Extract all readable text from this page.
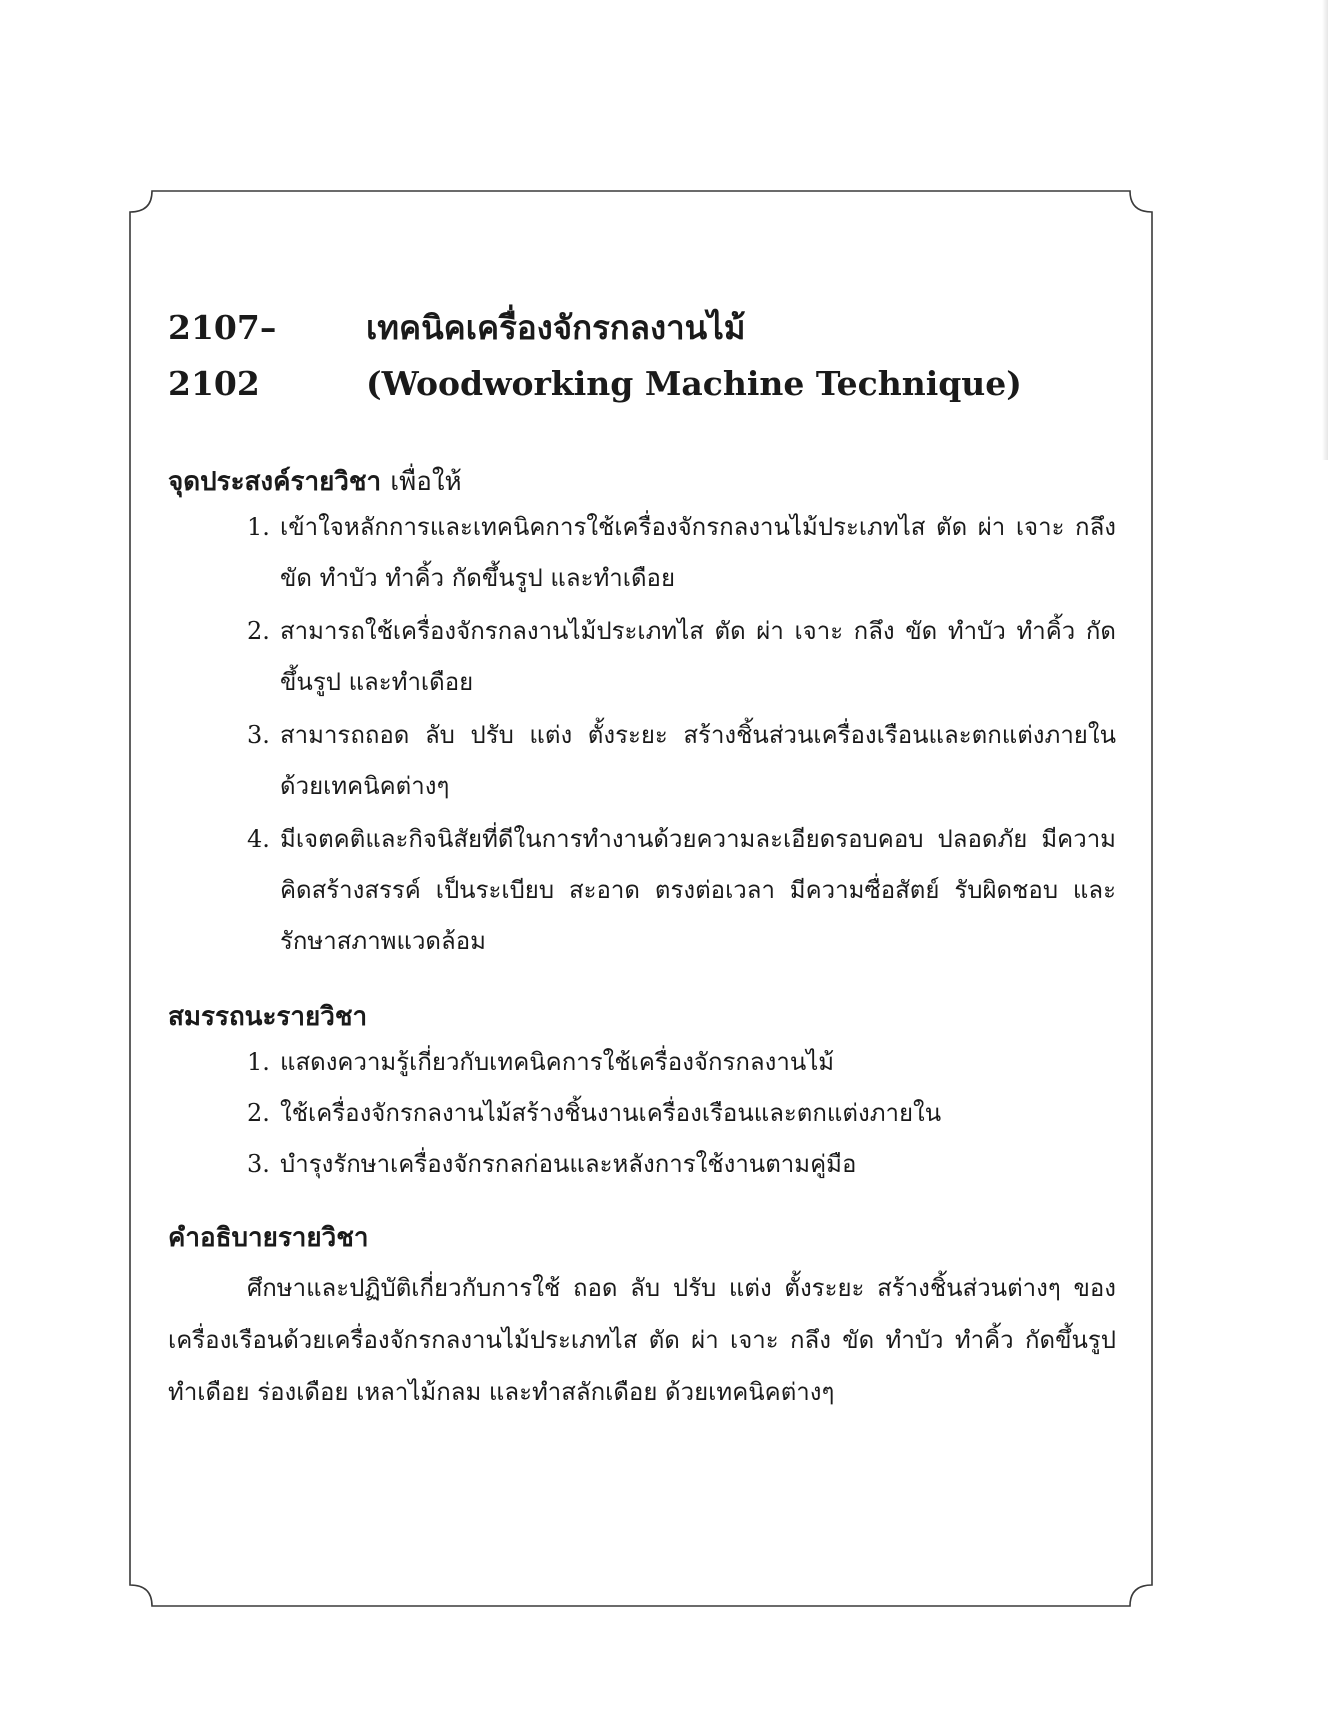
2107–2102
เทคนิคเครื่องจักรกลงานไม้
(Woodworking Machine Technique)
จุดประสงค์รายวิชา เพื่อให้
1. เข้าใจหลักการและเทคนิคการใช้เครื่องจักรกลงานไม้ประเภทไส ตัด ผ่า เจาะ กลึง ขัด ทำบัว ทำคิ้ว กัดขึ้นรูป และทำเดือย
2. สามารถใช้เครื่องจักรกลงานไม้ประเภทไส ตัด ผ่า เจาะ กลึง ขัด ทำบัว ทำคิ้ว กัดขึ้นรูป และทำเดือย
3. สามารถถอด ลับ ปรับ แต่ง ตั้งระยะ สร้างชิ้นส่วนเครื่องเรือนและตกแต่งภายในด้วยเทคนิคต่างๆ
4. มีเจตคติและกิจนิสัยที่ดีในการทำงานด้วยความละเอียดรอบคอบ ปลอดภัย มีความคิดสร้างสรรค์ เป็นระเบียบ สะอาด ตรงต่อเวลา มีความซื่อสัตย์ รับผิดชอบ และรักษาสภาพแวดล้อม
สมรรถนะรายวิชา
1. แสดงความรู้เกี่ยวกับเทคนิคการใช้เครื่องจักรกลงานไม้
2. ใช้เครื่องจักรกลงานไม้สร้างชิ้นงานเครื่องเรือนและตกแต่งภายใน
3. บำรุงรักษาเครื่องจักรกลก่อนและหลังการใช้งานตามคู่มือ
คำอธิบายรายวิชา

ศึกษาและปฏิบัติเกี่ยวกับการใช้ ถอด ลับ ปรับ แต่ง ตั้งระยะ สร้างชิ้นส่วนต่างๆ ของเครื่องเรือนด้วยเครื่องจักรกลงานไม้ประเภทไส ตัด ผ่า เจาะ กลึง ขัด ทำบัว ทำคิ้ว กัดขึ้นรูป ทำเดือย ร่องเดือย เหลาไม้กลม และทำสลักเดือย ด้วยเทคนิคต่างๆ
